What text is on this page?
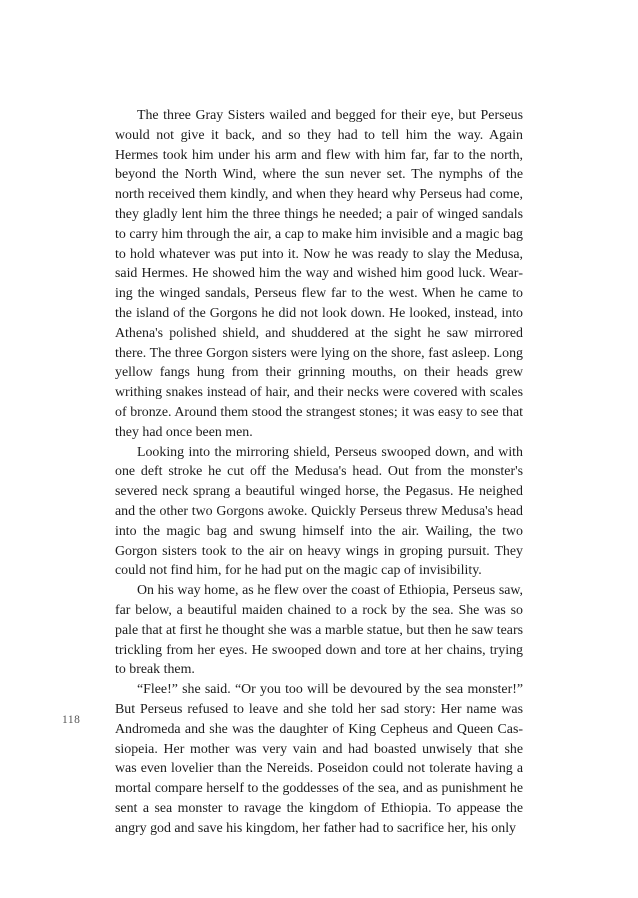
The three Gray Sisters wailed and begged for their eye, but Perseus would not give it back, and so they had to tell him the way. Again Hermes took him under his arm and flew with him far, far to the north, beyond the North Wind, where the sun never set. The nymphs of the north received them kindly, and when they heard why Perseus had come, they gladly lent him the three things he needed; a pair of winged sandals to carry him through the air, a cap to make him invisible and a magic bag to hold whatever was put into it. Now he was ready to slay the Medusa, said Hermes. He showed him the way and wished him good luck. Wearing the winged sandals, Perseus flew far to the west. When he came to the island of the Gorgons he did not look down. He looked, instead, into Athena's polished shield, and shuddered at the sight he saw mirrored there. The three Gorgon sisters were lying on the shore, fast asleep. Long yellow fangs hung from their grinning mouths, on their heads grew writhing snakes instead of hair, and their necks were covered with scales of bronze. Around them stood the strangest stones; it was easy to see that they had once been men.

Looking into the mirroring shield, Perseus swooped down, and with one deft stroke he cut off the Medusa's head. Out from the monster's severed neck sprang a beautiful winged horse, the Pegasus. He neighed and the other two Gorgons awoke. Quickly Perseus threw Medusa's head into the magic bag and swung himself into the air. Wailing, the two Gorgon sisters took to the air on heavy wings in groping pursuit. They could not find him, for he had put on the magic cap of invisibility.

On his way home, as he flew over the coast of Ethiopia, Perseus saw, far below, a beautiful maiden chained to a rock by the sea. She was so pale that at first he thought she was a marble statue, but then he saw tears trickling from her eyes. He swooped down and tore at her chains, trying to break them.

“Flee!” she said. “Or you too will be devoured by the sea monster!” But Perseus refused to leave and she told her sad story: Her name was Andromeda and she was the daughter of King Cepheus and Queen Cassiopeia. Her mother was very vain and had boasted unwisely that she was even lovelier than the Nereids. Poseidon could not tolerate having a mortal compare herself to the goddesses of the sea, and as punishment he sent a sea monster to ravage the kingdom of Ethiopia. To appease the angry god and save his kingdom, her father had to sacrifice her, his only

118
